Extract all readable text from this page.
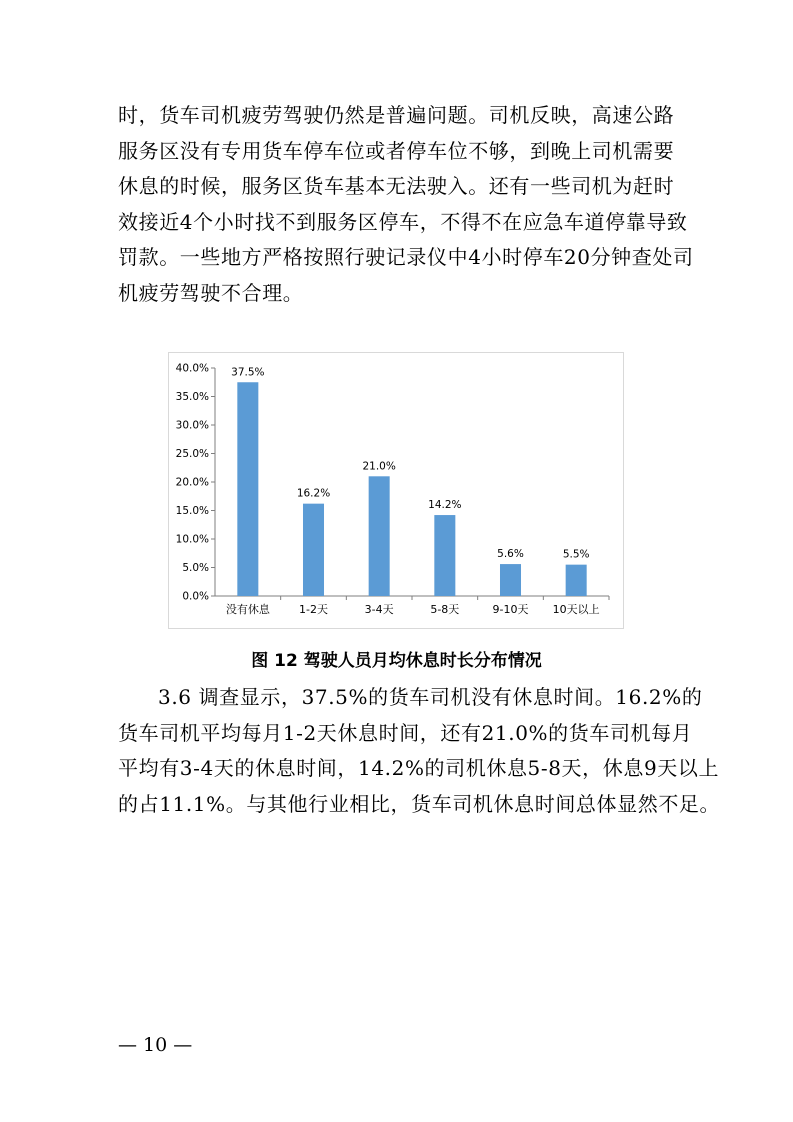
时，货车司机疲劳驾驶仍然是普遍问题。司机反映，高速公路
服务区没有专用货车停车位或者停车位不够，到晚上司机需要
休息的时候，服务区货车基本无法驶入。还有一些司机为赶时
效接近4个小时找不到服务区停车，不得不在应急车道停靠导致
罚款。一些地方严格按照行驶记录仪中4小时停车20分钟查处司
机疲劳驾驶不合理。
0.0%
5.0%
10.0%
15.0%
20.0%
25.0%
30.0%
35.0%
40.0% 37.5%
没有休息
16.2%
1-2天
21.0%
3-4天
14.2%
5-8天
5.6%
9-10天
5.5%
10天以上
图 12 驾驶人员月均休息时长分布情况
3.6 调查显示，37.5%的货车司机没有休息时间。16.2%的
货车司机平均每月1-2天休息时间，还有21.0%的货车司机每月
平均有3-4天的休息时间，14.2%的司机休息5-8天，休息9天以上
的占11.1%。与其他行业相比，货车司机休息时间总体显然不足。
— 10 —
